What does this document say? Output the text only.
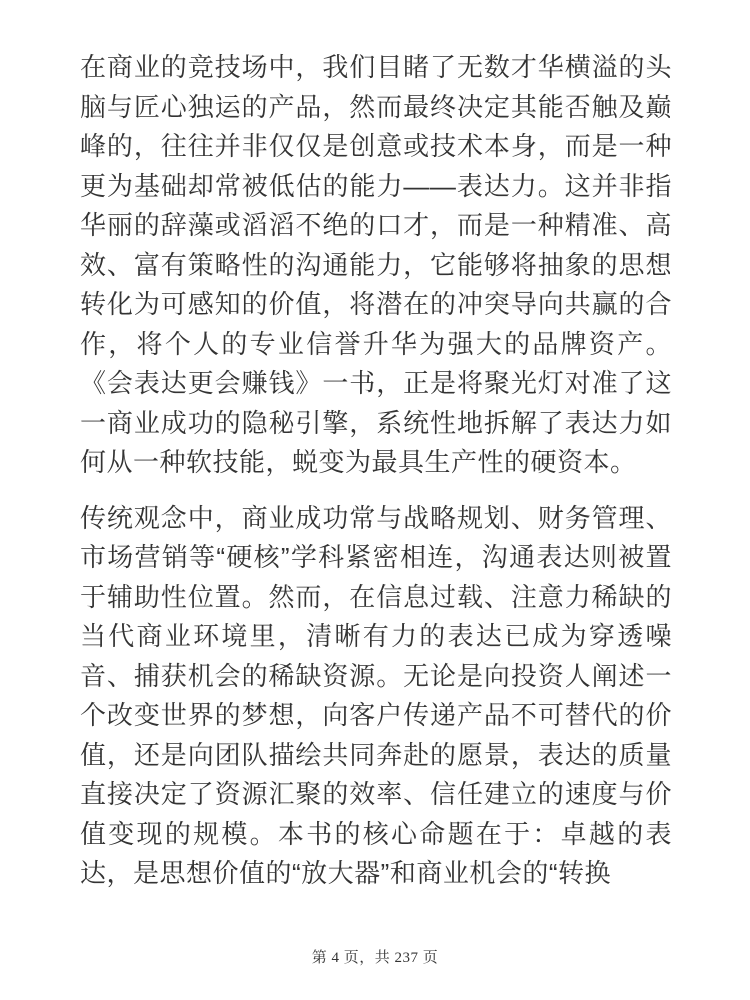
在商业的竞技场中，我们目睹了无数才华横溢的头脑与匠心独运的产品，然而最终决定其能否触及巅峰的，往往并非仅仅是创意或技术本身，而是一种更为基础却常被低估的能力——表达力。这并非指华丽的辞藻或滔滔不绝的口才，而是一种精准、高效、富有策略性的沟通能力，它能够将抽象的思想转化为可感知的价值，将潜在的冲突导向共赢的合作，将个人的专业信誉升华为强大的品牌资产。《会表达更会赚钱》一书，正是将聚光灯对准了这一商业成功的隐秘引擎，系统性地拆解了表达力如何从一种软技能，蜕变为最具生产性的硬资本。

传统观念中，商业成功常与战略规划、财务管理、市场营销等“硬核”学科紧密相连，沟通表达则被置于辅助性位置。然而，在信息过载、注意力稀缺的当代商业环境里，清晰有力的表达已成为穿透噪音、捕获机会的稀缺资源。无论是向投资人阐述一个改变世界的梦想，向客户传递产品不可替代的价值，还是向团队描绘共同奔赴的愿景，表达的质量直接决定了资源汇聚的效率、信任建立的速度与价值变现的规模。本书的核心命题在于：卓越的表达，是思想价值的“放大器”和商业机会的“转换

第 4 页，共 237 页
